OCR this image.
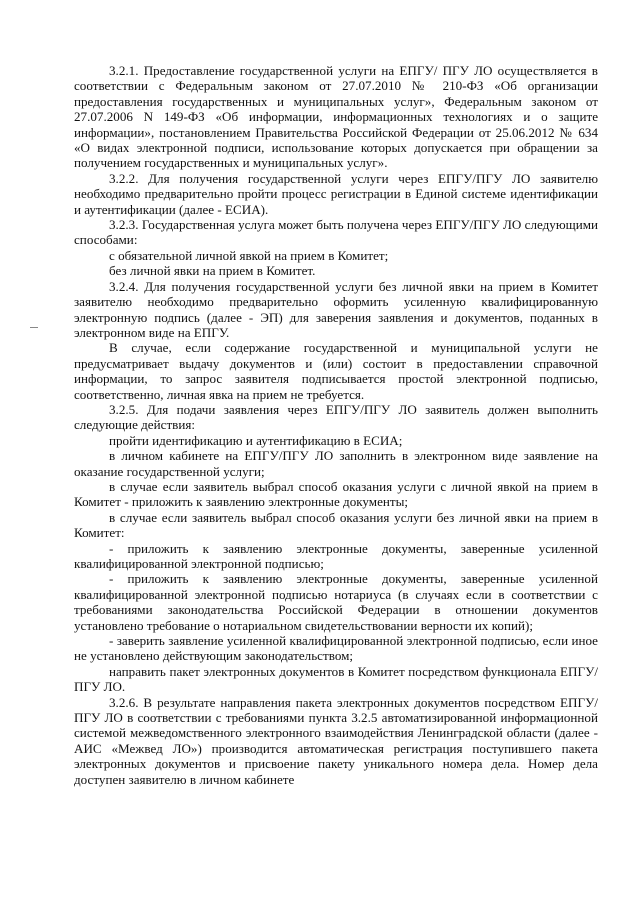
3.2.1. Предоставление государственной услуги на ЕПГУ/ ПГУ ЛО осуществляется в соответствии с Федеральным законом от 27.07.2010 № 210-ФЗ «Об организации предоставления государственных и муниципальных услуг», Федеральным законом от 27.07.2006 N 149-ФЗ «Об информации, информационных технологиях и о защите информации», постановлением Правительства Российской Федерации от 25.06.2012 № 634 «О видах электронной подписи, использование которых допускается при обращении за получением государственных и муниципальных услуг».

3.2.2. Для получения государственной услуги через ЕПГУ/ПГУ ЛО заявителю необходимо предварительно пройти процесс регистрации в Единой системе идентификации и аутентификации (далее - ЕСИА).

3.2.3. Государственная услуга может быть получена через ЕПГУ/ПГУ ЛО следующими способами:

с обязательной личной явкой на прием в Комитет;

без личной явки на прием в Комитет.

3.2.4. Для получения государственной услуги без личной явки на прием в Комитет заявителю необходимо предварительно оформить усиленную квалифицированную электронную подпись (далее - ЭП) для заверения заявления и документов, поданных в электронном виде на ЕПГУ.

В случае, если содержание государственной и муниципальной услуги не предусматривает выдачу документов и (или) состоит в предоставлении справочной информации, то запрос заявителя подписывается простой электронной подписью, соответственно, личная явка на прием не требуется.

3.2.5. Для подачи заявления через ЕПГУ/ПГУ ЛО заявитель должен выполнить следующие действия:

пройти идентификацию и аутентификацию в ЕСИА;

в личном кабинете на ЕПГУ/ПГУ ЛО заполнить в электронном виде заявление на оказание государственной услуги;

в случае если заявитель выбрал способ оказания услуги с личной явкой на прием в Комитет - приложить к заявлению электронные документы;

в случае если заявитель выбрал способ оказания услуги без личной явки на прием в Комитет:

- приложить к заявлению электронные документы, заверенные усиленной квалифицированной электронной подписью;

- приложить к заявлению электронные документы, заверенные усиленной квалифицированной электронной подписью нотариуса (в случаях если в соответствии с требованиями законодательства Российской Федерации в отношении документов установлено требование о нотариальном свидетельствовании верности их копий);

- заверить заявление усиленной квалифицированной электронной подписью, если иное не установлено действующим законодательством;

направить пакет электронных документов в Комитет посредством функционала ЕПГУ/ПГУ ЛО.

3.2.6. В результате направления пакета электронных документов посредством ЕПГУ/ПГУ ЛО в соответствии с требованиями пункта 3.2.5 автоматизированной информационной системой межведомственного электронного взаимодействия Ленинградской области (далее - АИС «Межвед ЛО») производится автоматическая регистрация поступившего пакета электронных документов и присвоение пакету уникального номера дела. Номер дела доступен заявителю в личном кабинете
